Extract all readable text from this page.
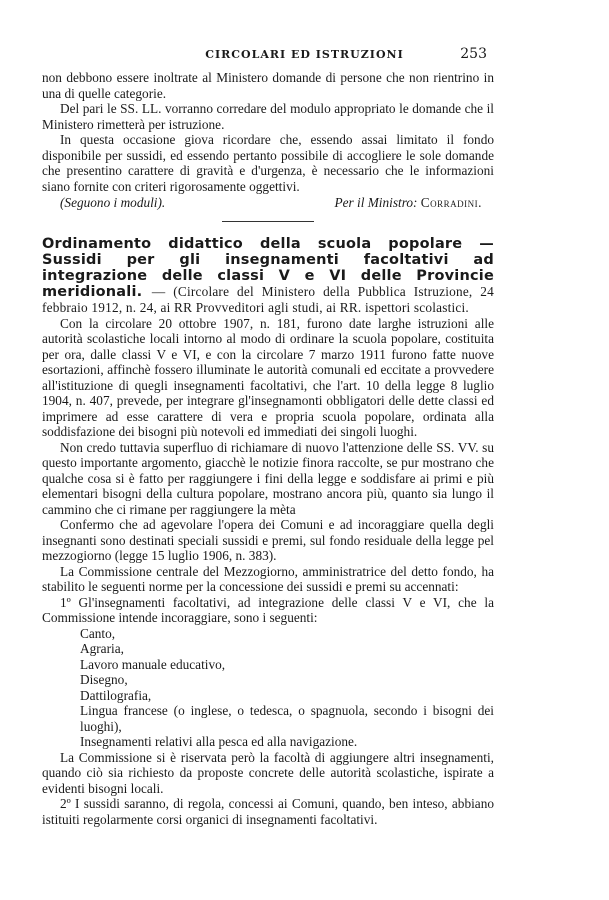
CIRCOLARI ED ISTRUZIONI	253

non debbono essere inoltrate al Ministero domande di persone che non rientrino in una di quelle categorie.

Del pari le SS. LL. vorranno corredare del modulo appropriato le domande che il Ministero rimetterà per istruzione.

In questa occasione giova ricordare che, essendo assai limitato il fondo disponibile per sussidi, ed essendo pertanto possibile di accogliere le sole domande che presentino carattere di gravità e d'urgenza, è necessario che le informazioni siano fornite con criteri rigorosamente oggettivi.

(Seguono i moduli).	Per il Ministro: Corradini.

Ordinamento didattico della scuola popolare — Sussidi per gli insegnamenti facoltativi ad integrazione delle classi V e VI delle Provincie meridionali. — (Circolare del Ministero della Pubblica Istruzione, 24 febbraio 1912, n. 24, ai RR Provveditori agli studi, ai RR. ispettori scolastici.

Con la circolare 20 ottobre 1907, n. 181, furono date larghe istruzioni alle autorità scolastiche locali intorno al modo di ordinare la scuola popolare, costituita per ora, dalle classi V e VI, e con la circolare 7 marzo 1911 furono fatte nuove esortazioni, affinchè fossero illuminate le autorità comunali ed eccitate a provvedere all'istituzione di quegli insegnamenti facoltativi, che l'art. 10 della legge 8 luglio 1904, n. 407, prevede, per integrare gl'insegnamonti obbligatori delle dette classi ed imprimere ad esse carattere di vera e propria scuola popolare, ordinata alla soddisfazione dei bisogni più notevoli ed immediati dei singoli luoghi.

Non credo tuttavia superfluo di richiamare di nuovo l'attenzione delle SS. VV. su questo importante argomento, giacchè le notizie finora raccolte, se pur mostrano che qualche cosa si è fatto per raggiungere i fini della legge e soddisfare ai primi e più elementari bisogni della cultura popolare, mostrano ancora più, quanto sia lungo il cammino che ci rimane per raggiungere la mèta

Confermo che ad agevolare l'opera dei Comuni e ad incoraggiare quella degli insegnanti sono destinati speciali sussidi e premi, sul fondo residuale della legge pel mezzogiorno (legge 15 luglio 1906, n. 383).

La Commissione centrale del Mezzogiorno, amministratrice del detto fondo, ha stabilito le seguenti norme per la concessione dei sussidi e premi su accennati:

1º Gl'insegnamenti facoltativi, ad integrazione delle classi V e VI, che la Commissione intende incoraggiare, sono i seguenti:

Canto,
Agraria,
Lavoro manuale educativo,
Disegno,
Dattilografia,
Lingua francese (o inglese, o tedesca, o spagnuola, secondo i bisogni dei luoghi),
Insegnamenti relativi alla pesca ed alla navigazione.

La Commissione si è riservata però la facoltà di aggiungere altri insegnamenti, quando ciò sia richiesto da proposte concrete delle autorità scolastiche, ispirate a evidenti bisogni locali.

2º I sussidi saranno, di regola, concessi ai Comuni, quando, ben inteso, abbiano istituiti regolarmente corsi organici di insegnamenti facoltativi.
